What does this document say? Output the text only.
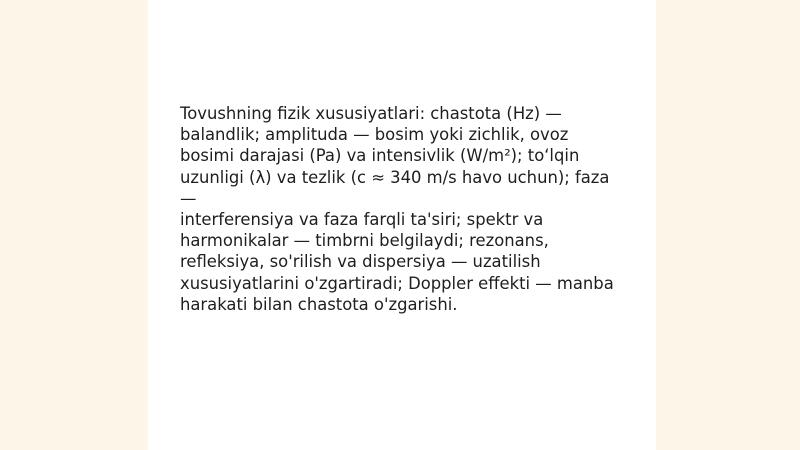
Tovushning fizik xususiyatlari: chastota (Hz) —
balandlik; amplituda — bosim yoki zichlik, ovoz
bosimi darajasi (Pa) va intensivlik (W/m²); to‘lqin
uzunligi (λ) va tezlik (c ≈ 340 m/s havo uchun); faza —
interferensiya va faza farqli ta'siri; spektr va
harmonikalar — timbrni belgilaydi; rezonans,
refleksiya, so'rilish va dispersiya — uzatilish
xususiyatlarini o'zgartiradi; Doppler effekti — manba
harakati bilan chastota o'zgarishi.
